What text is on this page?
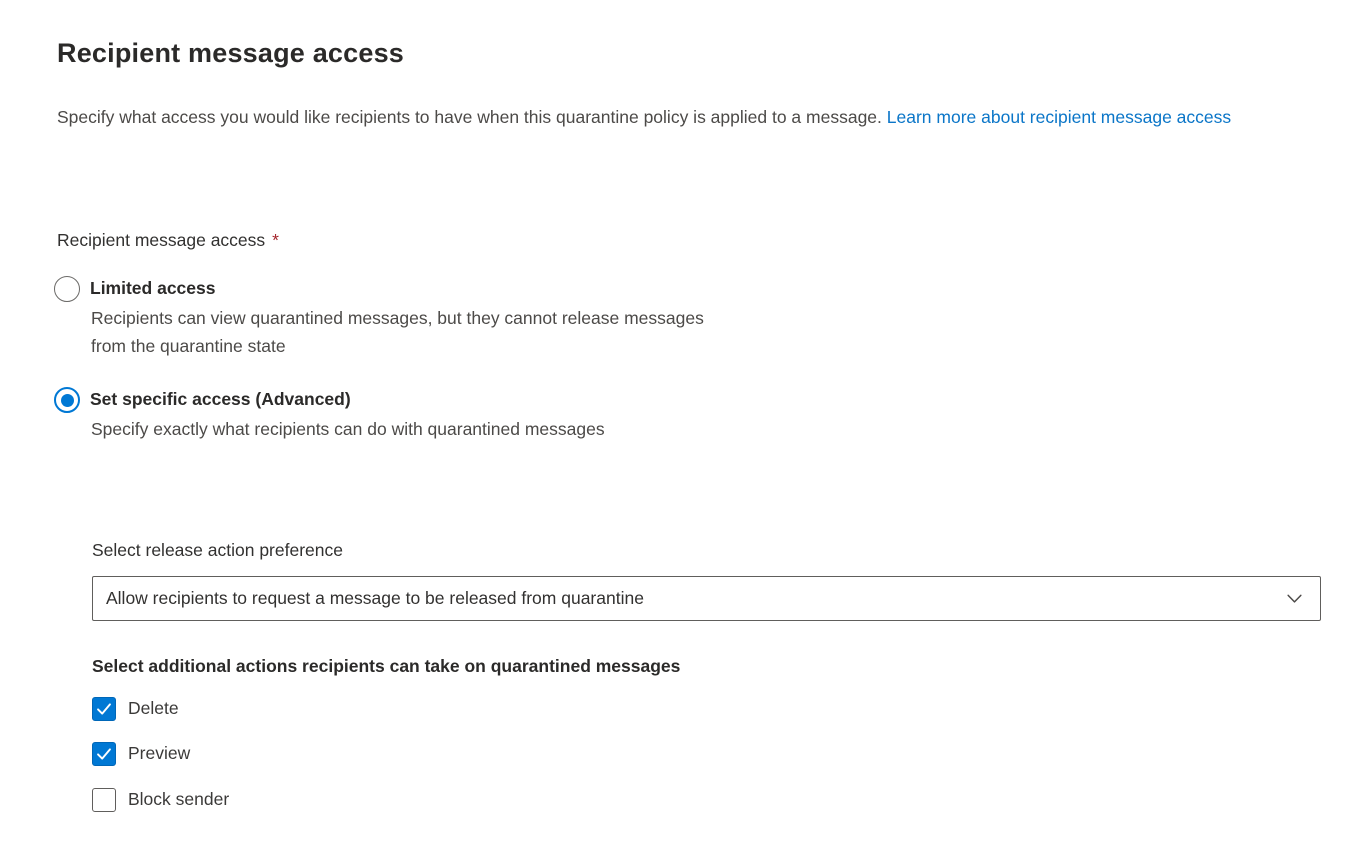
Recipient message access

Specify what access you would like recipients to have when this quarantine policy is applied to a message. Learn more about recipient message access

Recipient message access *
Limited access
Recipients can view quarantined messages, but they cannot release messages
from the quarantine state
Set specific access (Advanced)
Specify exactly what recipients can do with quarantined messages
Select release action preference
Allow recipients to request a message to be released from quarantine
Select additional actions recipients can take on quarantined messages
Delete
Preview
Block sender
